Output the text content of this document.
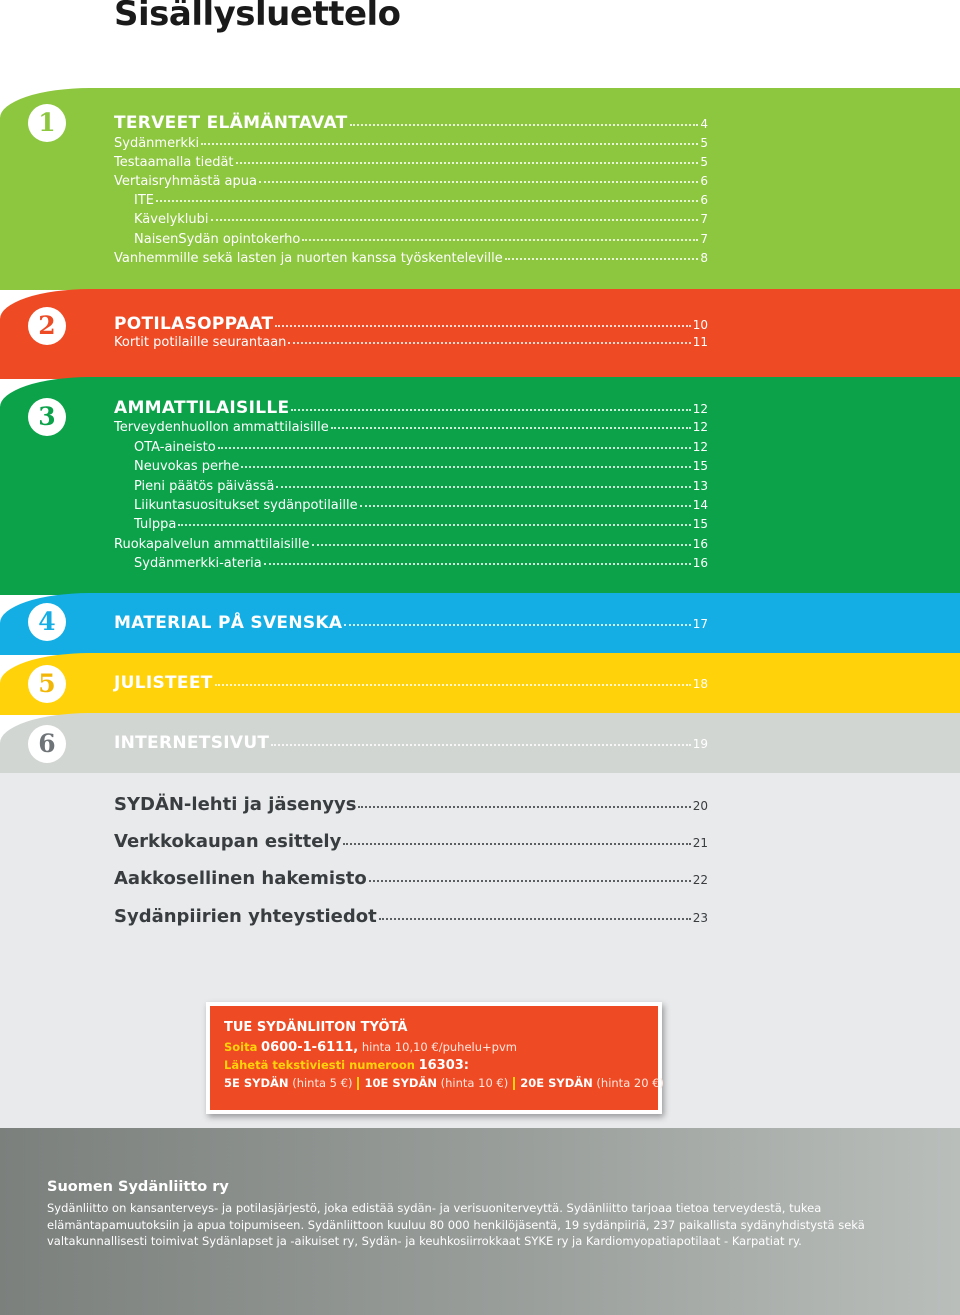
Sisällysluettelo
1
2
3
4
5
6
TERVEET ELÄMÄNTAVAT	4
Sydänmerkki	5
Testaamalla tiedät	5
Vertaisryhmästä apua	6
ITE	6
Kävelyklubi	7
NaisenSydän opintokerho	7
Vanhemmille sekä lasten ja nuorten kanssa työskenteleville	8
POTILASOPPAAT	10
Kortit potilaille seurantaan	11
AMMATTILAISILLE	12
Terveydenhuollon ammattilaisille	12
OTA-aineisto	12
Neuvokas perhe	15
Pieni päätös päivässä	13
Liikuntasuositukset sydänpotilaille	14
Tulppa	15
Ruokapalvelun ammattilaisille	16
Sydänmerkki-ateria	16
MATERIAL PÅ SVENSKA	17
JULISTEET	18
INTERNETSIVUT	19
SYDÄN-lehti ja jäsenyys	20
Verkkokaupan esittely	21
Aakkosellinen hakemisto	22
Sydänpiirien yhteystiedot	23

TUE SYDÄNLIITON TYÖTÄ

Soita 0600-1-6111, hinta 10,10 €/puhelu+pvm

Lähetä tekstiviesti numeroon 16303:

5E SYDÄN (hinta 5 €) 10E SYDÄN (hinta 10 €) 20E SYDÄN (hinta 20 €)

Suomen Sydänliitto ry

Sydänliitto on kansanterveys- ja potilasjärjestö, joka edistää sydän- ja verisuoniterveyttä. Sydänliitto tarjoaa tietoa terveydestä, tukea elämäntapamuutoksiin ja apua toipumiseen. Sydänliittoon kuuluu 80 000 henkilöjäsentä, 19 sydänpiiriä, 237 paikallista sydänyhdistystä sekä valtakunnallisesti toimivat Sydänlapset ja -aikuiset ry, Sydän- ja keuhkosiirrokkaat SYKE ry ja Kardiomyopatiapotilaat - Karpatiat ry.
